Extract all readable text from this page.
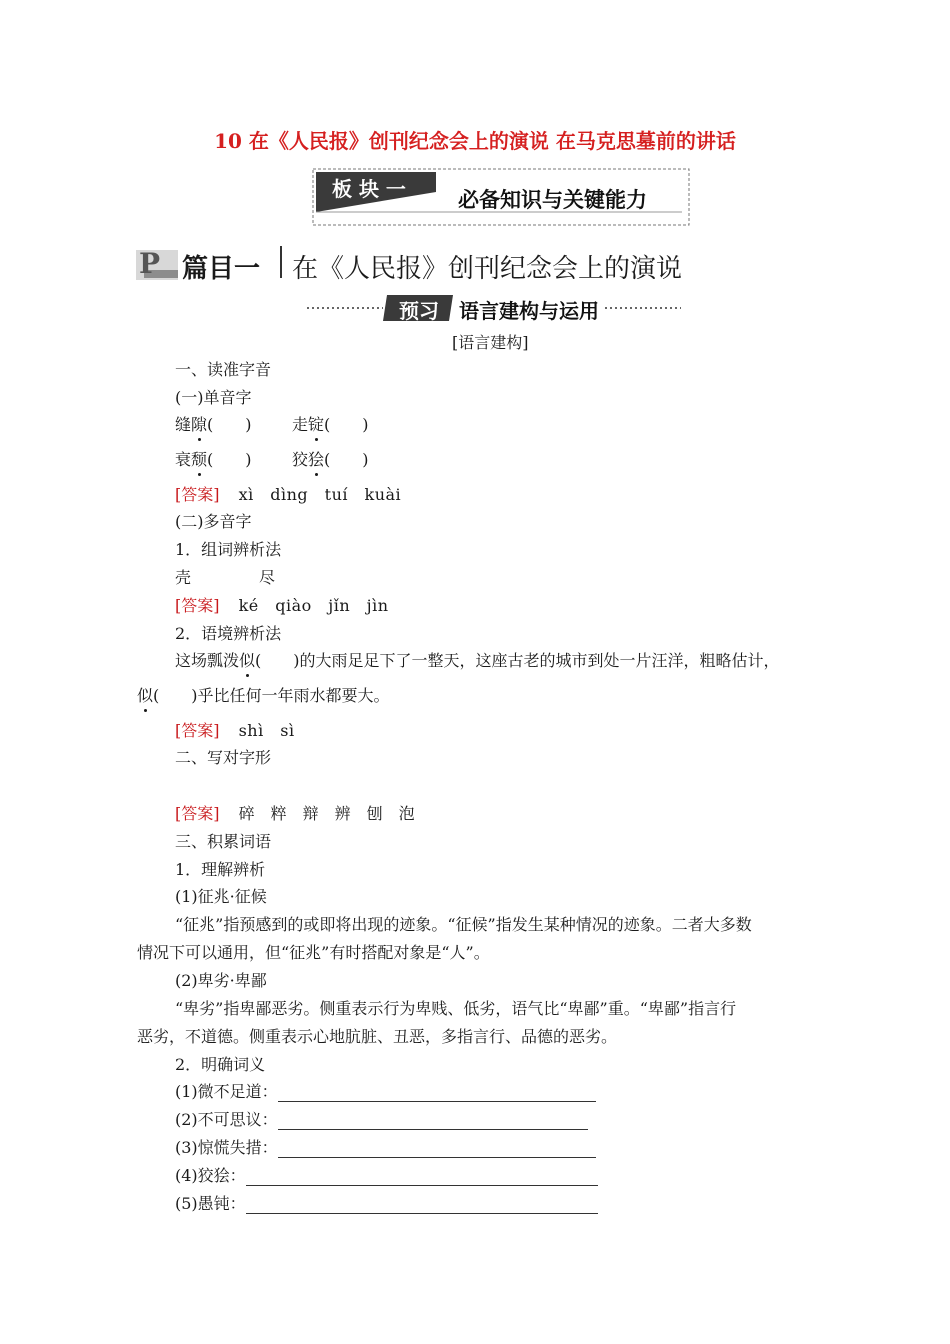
10 在《人民报》创刊纪念会上的演说 在马克思墓前的讲话
板 块 一 必备知识与关键能力
P 篇目一 在《人民报》创刊纪念会上的演说
预习 语言建构与运用
[语言建构]
一、读准字音
(一)单音字
缝隙(　　)	走锭(　　)
衰颓(　　)	狡狯(　　)
[答案] xì　dìng　tuí　kuài
(二)多音字
1．组词辨析法
壳	尽
[答案] ké　qiào　jǐn　jìn
2．语境辨析法
这场瓢泼似(　　)的大雨足足下了一整天，这座古老的城市到处一片汪洋，粗略估计，
似(　　)乎比任何一年雨水都要大。
[答案] shì　sì
二、写对字形
[答案] 碎　粹　辩　辨　刨　泡
三、积累词语
1．理解辨析
(1)征兆·征候
“征兆”指预感到的或即将出现的迹象。“征候”指发生某种情况的迹象。二者大多数
情况下可以通用，但“征兆”有时搭配对象是“人”。
(2)卑劣·卑鄙
“卑劣”指卑鄙恶劣。侧重表示行为卑贱、低劣，语气比“卑鄙”重。“卑鄙”指言行
恶劣，不道德。侧重表示心地肮脏、丑恶，多指言行、品德的恶劣。
2．明确词义
(1)微不足道：
(2)不可思议：
(3)惊慌失措：
(4)狡狯：
(5)愚钝：
